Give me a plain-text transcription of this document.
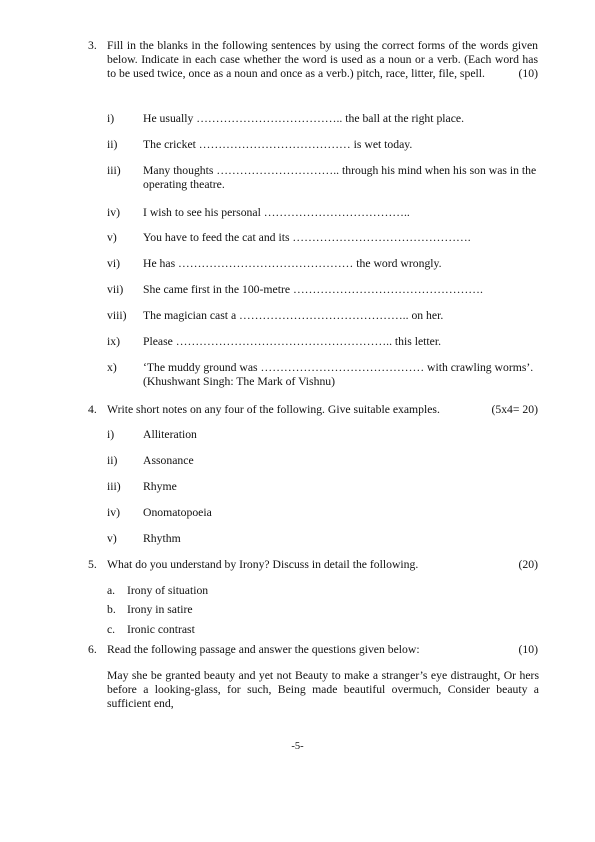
3. Fill in the blanks in the following sentences by using the correct forms of the words given below. Indicate in each case whether the word is used as a noun or a verb. (Each word has to be used twice, once as a noun and once as a verb.) pitch, race, litter, file, spell.	(10)
i) He usually ……………………………….. the ball at the right place.
ii) The cricket ………………………………… is wet today.
iii) Many thoughts ………………………….. through his mind when his son was in the operating theatre.
iv) I wish to see his personal ………………………………..
v) You have to feed the cat and its ……………………………………….
vi) He has ……………………………………… the word wrongly.
vii) She came first in the 100-metre ………………………………………….
viii) The magician cast a …………………………………….. on her.
ix) Please ……………………………………………….. this letter.
x) ‘The muddy ground was …………………………………… with crawling worms’. (Khushwant Singh: The Mark of Vishnu)
4. Write short notes on any four of the following. Give suitable examples.	(5x4= 20)
i) Alliteration
ii) Assonance
iii) Rhyme
iv) Onomatopoeia
v) Rhythm
5. What do you understand by Irony? Discuss in detail the following.	(20)
a. Irony of situation
b. Irony in satire
c. Ironic contrast
6. Read the following passage and answer the questions given below:	(10)
May she be granted beauty and yet not Beauty to make a stranger’s eye distraught, Or hers before a looking-glass, for such, Being made beautiful overmuch, Consider beauty a sufficient end,
-5-
